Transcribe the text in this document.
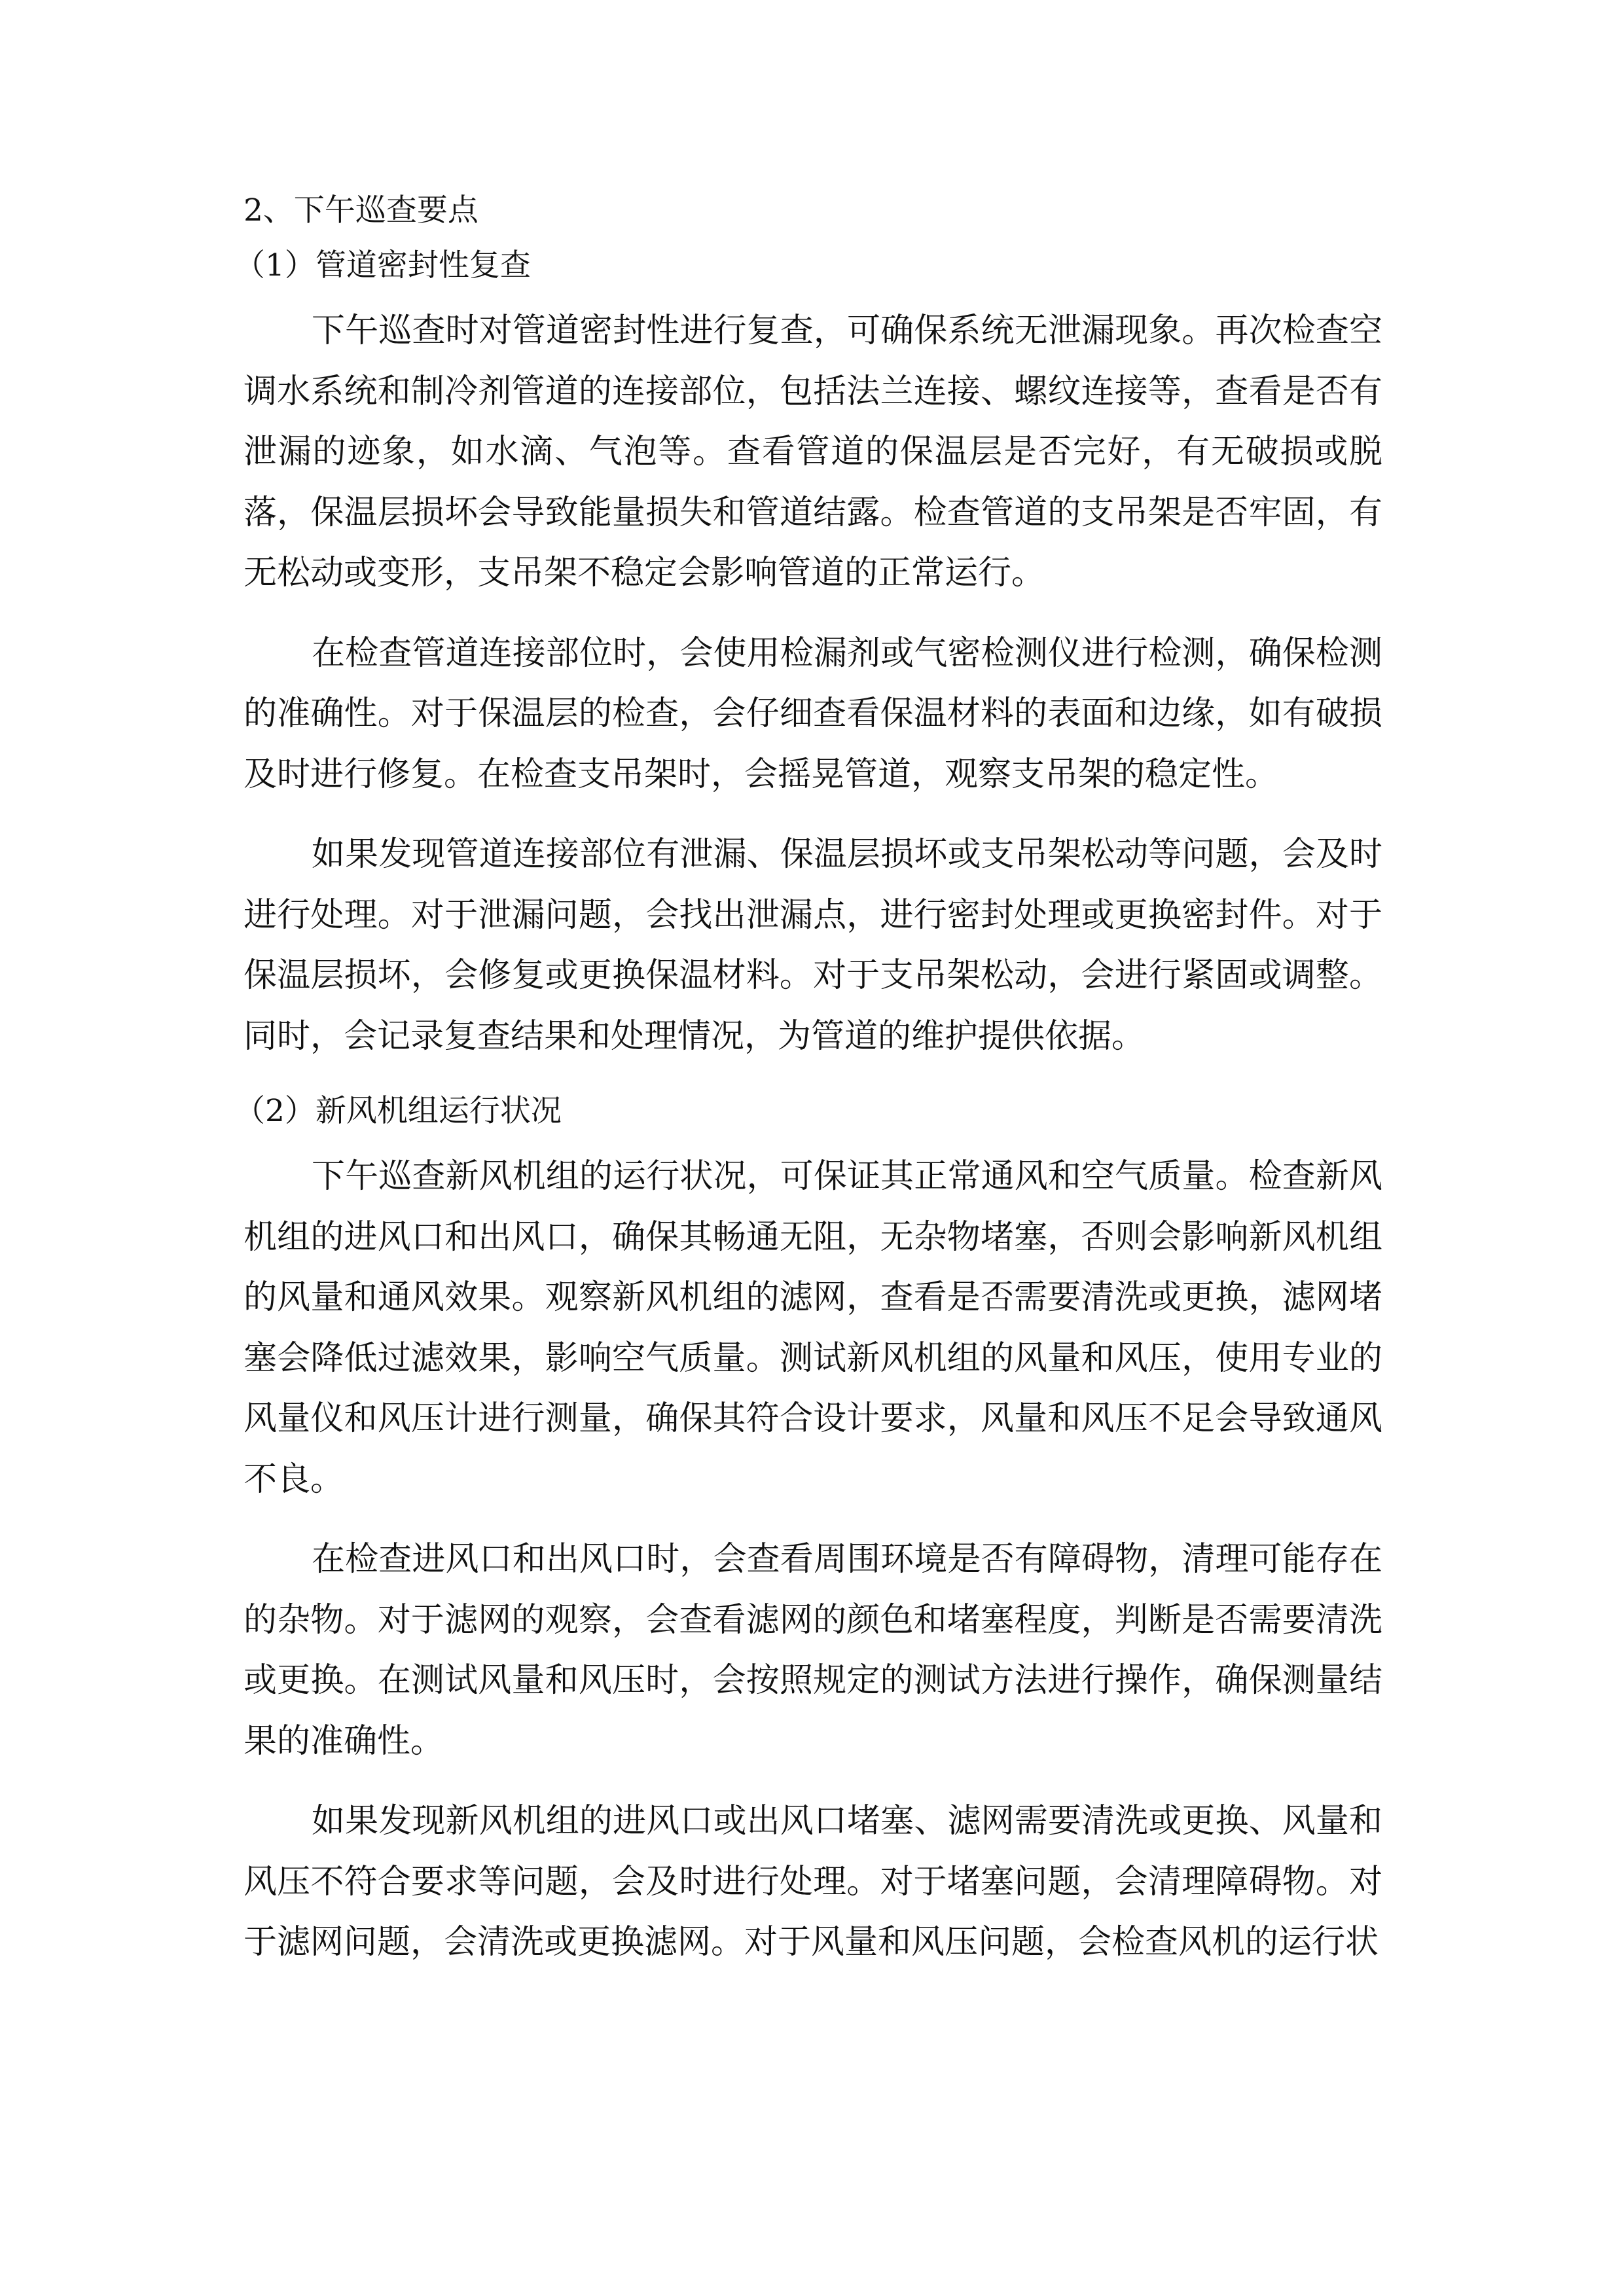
2、下午巡查要点
（1）管道密封性复查

下午巡查时对管道密封性进行复查，可确保系统无泄漏现象。再次检查空调水系统和制冷剂管道的连接部位，包括法兰连接、螺纹连接等，查看是否有泄漏的迹象，如水滴、气泡等。查看管道的保温层是否完好，有无破损或脱落，保温层损坏会导致能量损失和管道结露。检查管道的支吊架是否牢固，有无松动或变形，支吊架不稳定会影响管道的正常运行。

在检查管道连接部位时，会使用检漏剂或气密检测仪进行检测，确保检测的准确性。对于保温层的检查，会仔细查看保温材料的表面和边缘，如有破损及时进行修复。在检查支吊架时，会摇晃管道，观察支吊架的稳定性。

如果发现管道连接部位有泄漏、保温层损坏或支吊架松动等问题，会及时进行处理。对于泄漏问题，会找出泄漏点，进行密封处理或更换密封件。对于保温层损坏，会修复或更换保温材料。对于支吊架松动，会进行紧固或调整。同时，会记录复查结果和处理情况，为管道的维护提供依据。

（2）新风机组运行状况

下午巡查新风机组的运行状况，可保证其正常通风和空气质量。检查新风机组的进风口和出风口，确保其畅通无阻，无杂物堵塞，否则会影响新风机组的风量和通风效果。观察新风机组的滤网，查看是否需要清洗或更换，滤网堵塞会降低过滤效果，影响空气质量。测试新风机组的风量和风压，使用专业的风量仪和风压计进行测量，确保其符合设计要求，风量和风压不足会导致通风不良。

在检查进风口和出风口时，会查看周围环境是否有障碍物，清理可能存在的杂物。对于滤网的观察，会查看滤网的颜色和堵塞程度，判断是否需要清洗或更换。在测试风量和风压时，会按照规定的测试方法进行操作，确保测量结果的准确性。

如果发现新风机组的进风口或出风口堵塞、滤网需要清洗或更换、风量和风压不符合要求等问题，会及时进行处理。对于堵塞问题，会清理障碍物。对于滤网问题，会清洗或更换滤网。对于风量和风压问题，会检查风机的运行状
